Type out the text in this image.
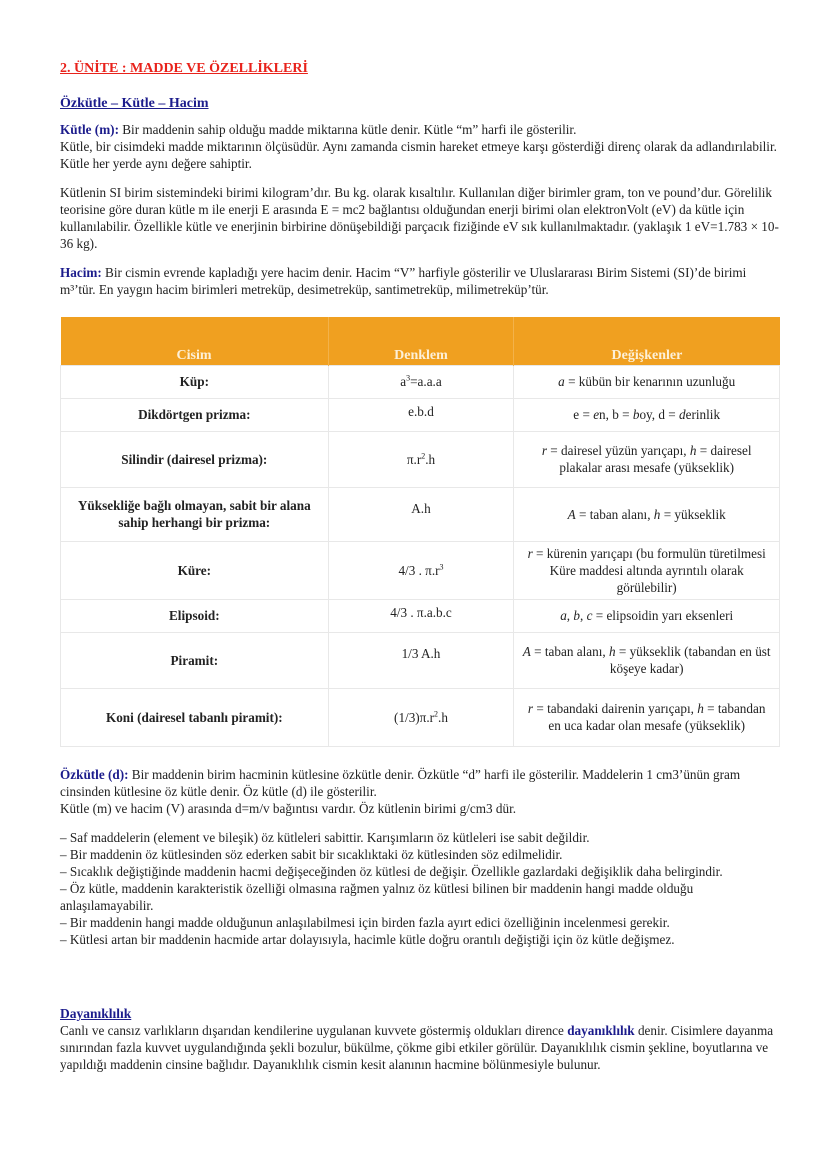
2. ÜNİTE : MADDE VE ÖZELLİKLERİ
Özkütle – Kütle – Hacim
Kütle (m): Bir maddenin sahip olduğu madde miktarına kütle denir. Kütle “m” harfi ile gösterilir.
Kütle, bir cisimdeki madde miktarının ölçüsüdür. Aynı zamanda cismin hareket etmeye karşı gösterdiği direnç olarak da adlandırılabilir. Kütle her yerde aynı değere sahiptir.
Kütlenin SI birim sistemindeki birimi kilogram’dır. Bu kg. olarak kısaltılır. Kullanılan diğer birimler gram, ton ve pound’dur. Görelilik teorisine göre duran kütle m ile enerji E arasında E = mc2 bağlantısı olduğundan enerji birimi olan elektronVolt (eV) da kütle için kullanılabilir. Özellikle kütle ve enerjinin birbirine dönüşebildiği parçacık fiziğinde eV sık kullanılmaktadır. (yaklaşık 1 eV=1.783 × 10-36 kg).
Hacim: Bir cismin evrende kapladığı yere hacim denir. Hacim “V” harfiyle gösterilir ve Uluslararası Birim Sistemi (SI)’de birimi m³’tür. En yaygın hacim birimleri metreküp, desimetreküp, santimetreküp, milimetreküp’tür.
Cisim	Denklem	Değişkenler
Küp:	$a^3=a.a.a$	a = kübün bir kenarının uzunluğu
Dikdörtgen prizma:	e.b.d	e = en, b = boy, d = derinlik
Silindir (dairesel prizma):	$\pi.r^2.h$	r = dairesel yüzün yarıçapı, h = dairesel plakalar arası mesafe (yükseklik)
Yüksekliğe bağlı olmayan, sabit bir alana sahip herhangi bir prizma:	A.h	A = taban alanı, h = yükseklik
Küre:	4/3 . $\pi.r^3$	r = kürenin yarıçapı (bu formulün türetilmesi Küre maddesi altında ayrıntılı olarak görülebilir)
Elipsoid:	4/3 . π.a.b.c	a, b, c = elipsoidin yarı eksenleri
Piramit:	1/3 A.h	A = taban alanı, h = yükseklik (tabandan en üst köşeye kadar)
Koni (dairesel tabanlı piramit):	$(1/3)\pi.r^2.h$	r = tabandaki dairenin yarıçapı, h = tabandan en uca kadar olan mesafe (yükseklik)
Özkütle (d): Bir maddenin birim hacminin kütlesine özkütle denir. Özkütle “d” harfi ile gösterilir. Maddelerin 1 cm3’ünün gram cinsinden kütlesine öz kütle denir. Öz kütle (d) ile gösterilir.
Kütle (m) ve hacim (V) arasında d=m/v bağıntısı vardır. Öz kütlenin birimi g/cm3 dür.
– Saf maddelerin (element ve bileşik) öz kütleleri sabittir. Karışımların öz kütleleri ise sabit değildir.
– Bir maddenin öz kütlesinden söz ederken sabit bir sıcaklıktaki öz kütlesinden söz edilmelidir.
– Sıcaklık değiştiğinde maddenin hacmi değişeceğinden öz kütlesi de değişir. Özellikle gazlardaki değişiklik daha belirgindir.
– Öz kütle, maddenin karakteristik özelliği olmasına rağmen yalnız öz kütlesi bilinen bir maddenin hangi madde olduğu anlaşılamayabilir.
– Bir maddenin hangi madde olduğunun anlaşılabilmesi için birden fazla ayırt edici özelliğinin incelenmesi gerekir.
– Kütlesi artan bir maddenin hacmide artar dolayısıyla, hacimle kütle doğru orantılı değiştiği için öz kütle değişmez.
Dayanıklılık
Canlı ve cansız varlıkların dışarıdan kendilerine uygulanan kuvvete göstermiş oldukları dirence dayanıklılık denir. Cisimlere dayanma sınırından fazla kuvvet uygulandığında şekli bozulur, bükülme, çökme gibi etkiler görülür. Dayanıklılık cismin şekline, boyutlarına ve yapıldığı maddenin cinsine bağlıdır. Dayanıklılık cismin kesit alanının hacmine bölünmesiyle bulunur.
